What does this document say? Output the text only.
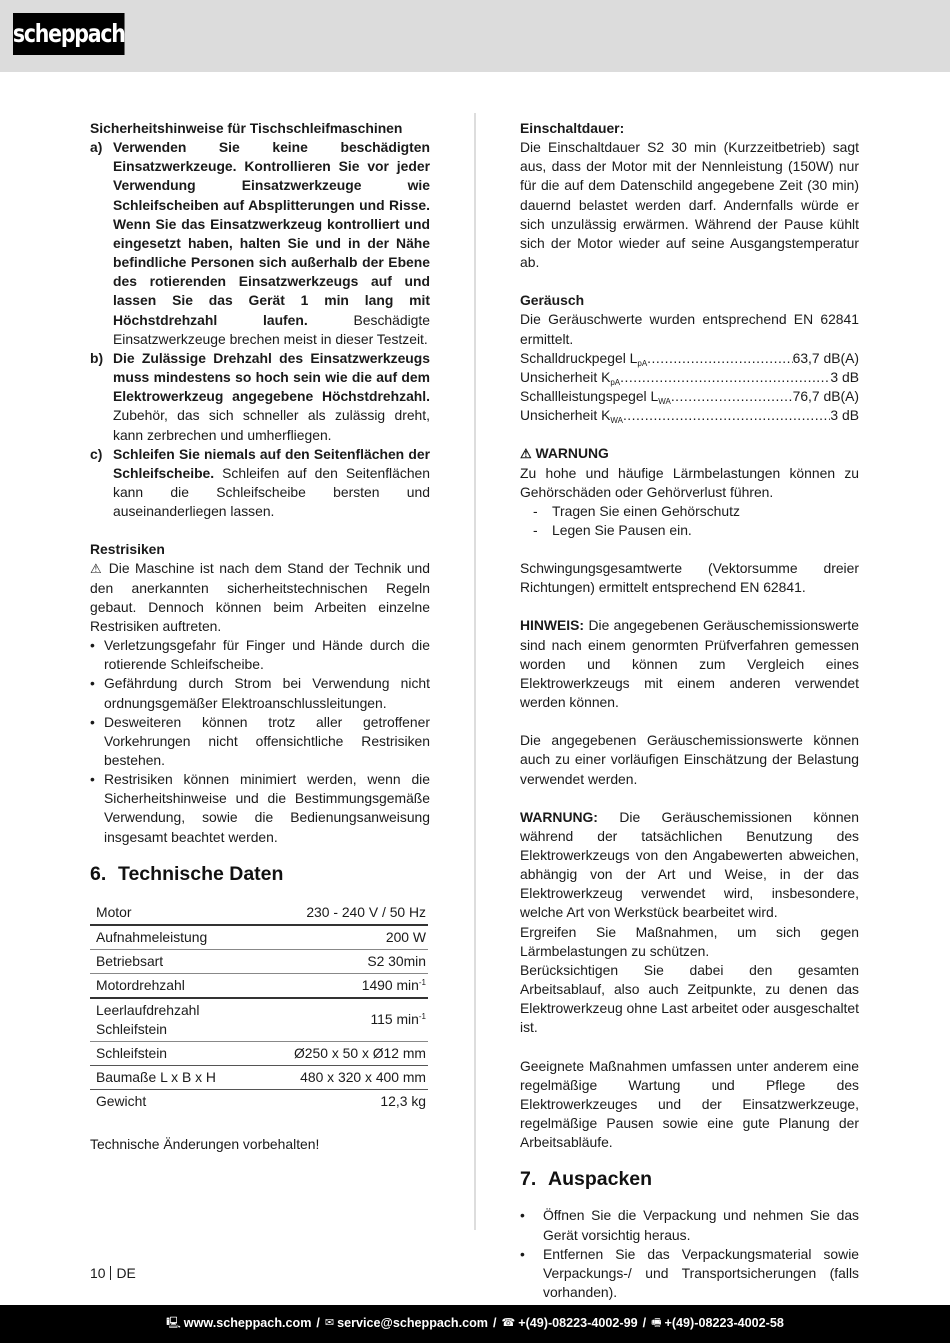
scheppach

Sicherheitshinweise für Tischschleifmaschinen

a) Verwenden Sie keine beschädigten Einsatzwerkzeuge. Kontrollieren Sie vor jeder Verwendung Einsatzwerkzeuge wie Schleifscheiben auf Absplitterungen und Risse. Wenn Sie das Einsatzwerkzeug kontrolliert und eingesetzt haben, halten Sie und in der Nähe befindliche Personen sich außerhalb der Ebene des rotierenden Einsatzwerkzeugs auf und lassen Sie das Gerät 1 min lang mit Höchstdrehzahl laufen. Beschädigte Einsatzwerkzeuge brechen meist in dieser Testzeit.
b) Die Zulässige Drehzahl des Einsatzwerkzeugs muss mindestens so hoch sein wie die auf dem Elektrowerkzeug angegebene Höchstdrehzahl. Zubehör, das sich schneller als zulässig dreht, kann zerbrechen und umherfliegen.
c) Schleifen Sie niemals auf den Seitenflächen der Schleifscheibe. Schleifen auf den Seitenflächen kann die Schleifscheibe bersten und auseinanderliegen lassen.

Restrisiken

⚠ Die Maschine ist nach dem Stand der Technik und den anerkannten sicherheitstechnischen Regeln gebaut. Dennoch können beim Arbeiten einzelne Restrisiken auftreten.

• Verletzungsgefahr für Finger und Hände durch die rotierende Schleifscheibe.
• Gefährdung durch Strom bei Verwendung nicht ordnungsgemäßer Elektroanschlussleitungen.
• Desweiteren können trotz aller getroffener Vorkehrungen nicht offensichtliche Restrisiken bestehen.
• Restrisiken können minimiert werden, wenn die Sicherheitshinweise und die Bestimmungsgemäße Verwendung, sowie die Bedienungsanweisung insgesamt beachtet werden.
6. Technische Daten
Motor	230 - 240 V / 50 Hz
Aufnahmeleistung	200 W
Betriebsart	S2 30min
Motordrehzahl	1490 $\min^{-1}$
Leerlaufdrehzahl Schleifstein	115 $\min^{-1}$
Schleifstein	Ø250 x 50 x Ø12 mm
Baumaße L x B x H	480 x 320 x 400 mm
Gewicht	12,3 kg

Technische Änderungen vorbehalten!

Einschaltdauer:

Die Einschaltdauer S2 30 min (Kurzzeitbetrieb) sagt aus, dass der Motor mit der Nennleistung (150W) nur für die auf dem Datenschild angegebene Zeit (30 min) dauernd belastet werden darf. Andernfalls würde er sich unzulässig erwärmen. Während der Pause kühlt sich der Motor wieder auf seine Ausgangstemperatur ab.

Geräusch

Die Geräuschwerte wurden entsprechend EN 62841 ermittelt.

Schalldruckpegel $L_{pA}$ .....	63,7 dB(A)
Unsicherheit $K_{pA}$ .....	3 dB
Schallleistungspegel $L_{WA}$ .....	76,7 dB(A)
Unsicherheit $K_{WA}$ .....	3 dB

⚠ WARNUNG

Zu hohe und häufige Lärmbelastungen können zu Gehörschäden oder Gehörverlust führen.

-	Tragen Sie einen Gehörschutz
-	Legen Sie Pausen ein.

Schwingungsgesamtwerte (Vektorsumme dreier Richtungen) ermittelt entsprechend EN 62841.

HINWEIS: Die angegebenen Geräuschemissionswerte sind nach einem genormten Prüfverfahren gemessen worden und können zum Vergleich eines Elektrowerkzeugs mit einem anderen verwendet werden können.

Die angegebenen Geräuschemissionswerte können auch zu einer vorläufigen Einschätzung der Belastung verwendet werden.

WARNUNG: Die Geräuschemissionen können während der tatsächlichen Benutzung des Elektrowerkzeugs von den Angabewerten abweichen, abhängig von der Art und Weise, in der das Elektrowerkzeug verwendet wird, insbesondere, welche Art von Werkstück bearbeitet wird.

Ergreifen Sie Maßnahmen, um sich gegen Lärmbelastungen zu schützen.

Berücksichtigen Sie dabei den gesamten Arbeitsablauf, also auch Zeitpunkte, zu denen das Elektrowerkzeug ohne Last arbeitet oder ausgeschaltet ist.

Geeignete Maßnahmen umfassen unter anderem eine regelmäßige Wartung und Pflege des Elektrowerkzeuges und der Einsatzwerkzeuge, regelmäßige Pausen sowie eine gute Planung der Arbeitsabläufe.

7. Auspacken
•	Öffnen Sie die Verpackung und nehmen Sie das Gerät vorsichtig heraus.
•	Entfernen Sie das Verpackungsmaterial sowie Verpackungs-/ und Transportsicherungen (falls vorhanden).
10 DE
🖳 www.scheppach.com / ✉ service@scheppach.com / ☎ +(49)-08223-4002-99 / 🖷 +(49)-08223-4002-58
